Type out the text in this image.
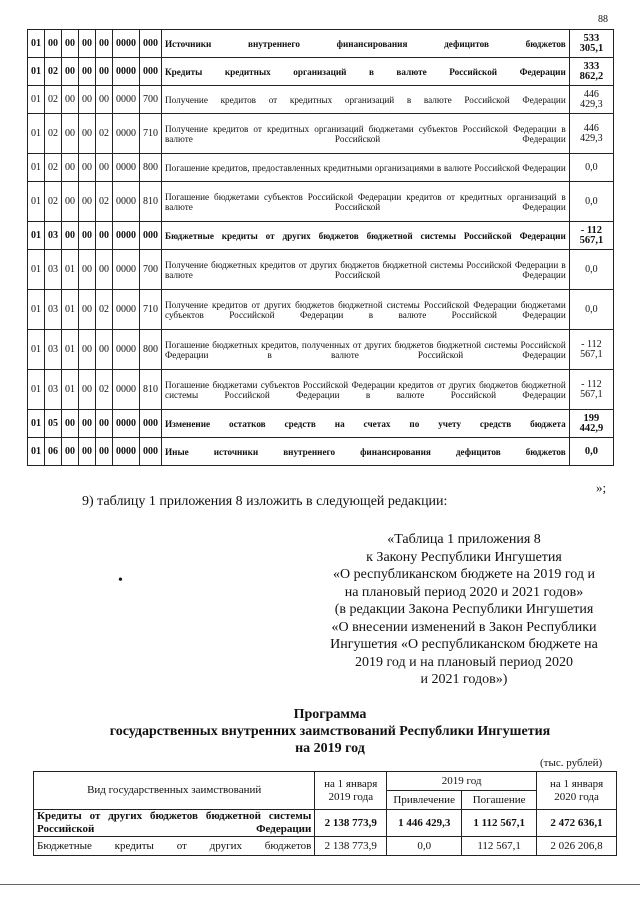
88
01	00	00	00	00	0000	000	Источники внутреннего финансирования дефицитов бюджетов	533 305,1
01	02	00	00	00	0000	000	Кредиты кредитных организаций в валюте Российской Федерации	333 862,2
01	02	00	00	00	0000	700	Получение кредитов от кредитных организаций в валюте Российской Федерации	446 429,3
01	02	00	00	02	0000	710	Получение кредитов от кредитных организаций бюджетами субъектов Российской Федерации в валюте Российской Федерации	446 429,3
01	02	00	00	00	0000	800	Погашение кредитов, предоставленных кредитными организациями в валюте Российской Федерации	0,0
01	02	00	00	02	0000	810	Погашение бюджетами субъектов Российской Федерации кредитов от кредитных организаций в валюте Российской Федерации	0,0
01	03	00	00	00	0000	000	Бюджетные кредиты от других бюджетов бюджетной системы Российской Федерации	- 112 567,1
01	03	01	00	00	0000	700	Получение бюджетных кредитов от других бюджетов бюджетной системы Российской Федерации в валюте Российской Федерации	0,0
01	03	01	00	02	0000	710	Получение кредитов от других бюджетов бюджетной системы Российской Федерации бюджетами субъектов Российской Федерации в валюте Российской Федерации	0,0
01	03	01	00	00	0000	800	Погашение бюджетных кредитов, полученных от других бюджетов бюджетной системы Российской Федерации в валюте Российской Федерации	- 112 567,1
01	03	01	00	02	0000	810	Погашение бюджетами субъектов Российской Федерации кредитов от других бюджетов бюджетной системы Российской Федерации в валюте Российской Федерации	- 112 567,1
01	05	00	00	00	0000	000	Изменение остатков средств на счетах по учету средств бюджета	199 442,9
01	06	00	00	00	0000	000	Иные источники внутреннего финансирования дефицитов бюджетов	0,0
»;
9) таблицу 1 приложения 8 изложить в следующей редакции:
«Таблица 1 приложения 8
к Закону Республики Ингушетия
«О республиканском бюджете на 2019 год и
на плановый период 2020 и 2021 годов»
(в редакции Закона Республики Ингушетия
«О внесении изменений в Закон Республики
Ингушетия «О республиканском бюджете на
2019 год и на плановый период 2020
и 2021 годов»)
•
Программа
государственных внутренних заимствований Республики Ингушетия
на 2019 год
(тыс. рублей)
Вид государственных заимствований	на 1 января 2019 года	2019 год		на 1 января 2020 года
		Привлечение	Погашение	
Кредиты от других бюджетов бюджетной системы Российской Федерации	2 138 773,9	1 446 429,3	1 112 567,1	2 472 636,1
Бюджетные кредиты от других бюджетов	2 138 773,9	0,0	112 567,1	2 026 206,8
